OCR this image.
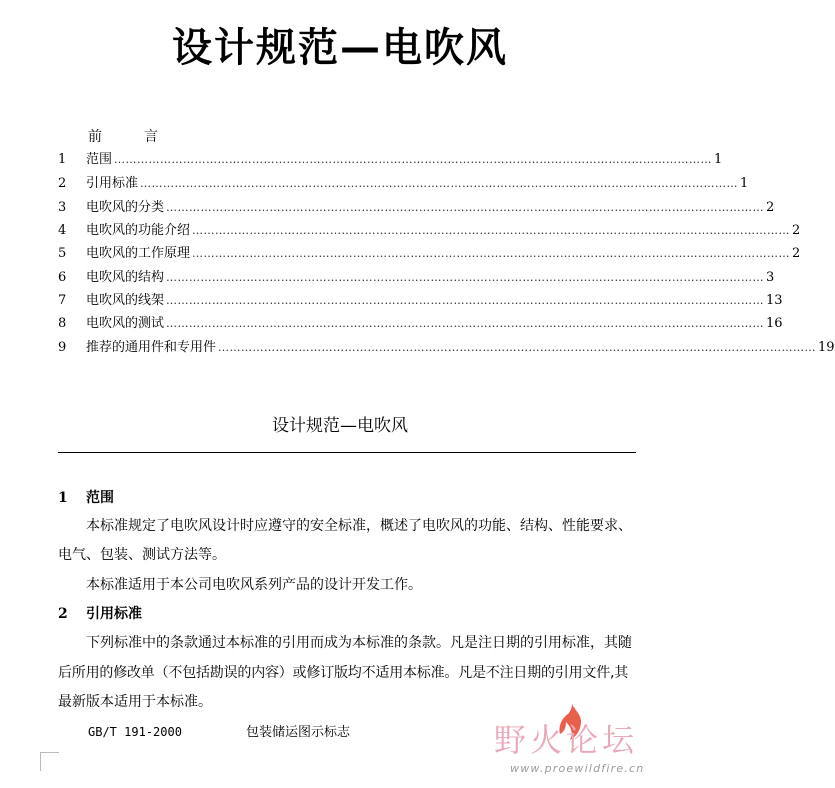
设计规范—电吹风
前	言
1	范围 ………………………………………………………………………………………………………………………………………… 1
2	引用标准 ………………………………………………………………………………………………………………………………………… 1
3	电吹风的分类 ………………………………………………………………………………………………………………………………………… 2
4	电吹风的功能介绍 ………………………………………………………………………………………………………………………………………… 2
5	电吹风的工作原理 ………………………………………………………………………………………………………………………………………… 2
6	电吹风的结构 ………………………………………………………………………………………………………………………………………… 3
7	电吹风的线架 ………………………………………………………………………………………………………………………………………… 13
8	电吹风的测试 ………………………………………………………………………………………………………………………………………… 16
9	推荐的通用件和专用件 ………………………………………………………………………………………………………………………………………… 19
设计规范—电吹风
1 范围
本标准规定了电吹风设计时应遵守的安全标准，概述了电吹风的功能、结构、性能要求、
电气、包装、测试方法等。
本标准适用于本公司电吹风系列产品的设计开发工作。
2 引用标准
下列标准中的条款通过本标准的引用而成为本标准的条款。凡是注日期的引用标准，其随
后所用的修改单（不包括勘误的内容）或修订版均不适用本标准。凡是不注日期的引用文件,其
最新版本适用于本标准。
GB/T 191-2000	包装储运图示标志	野火论坛
www.proewildfire.cn
